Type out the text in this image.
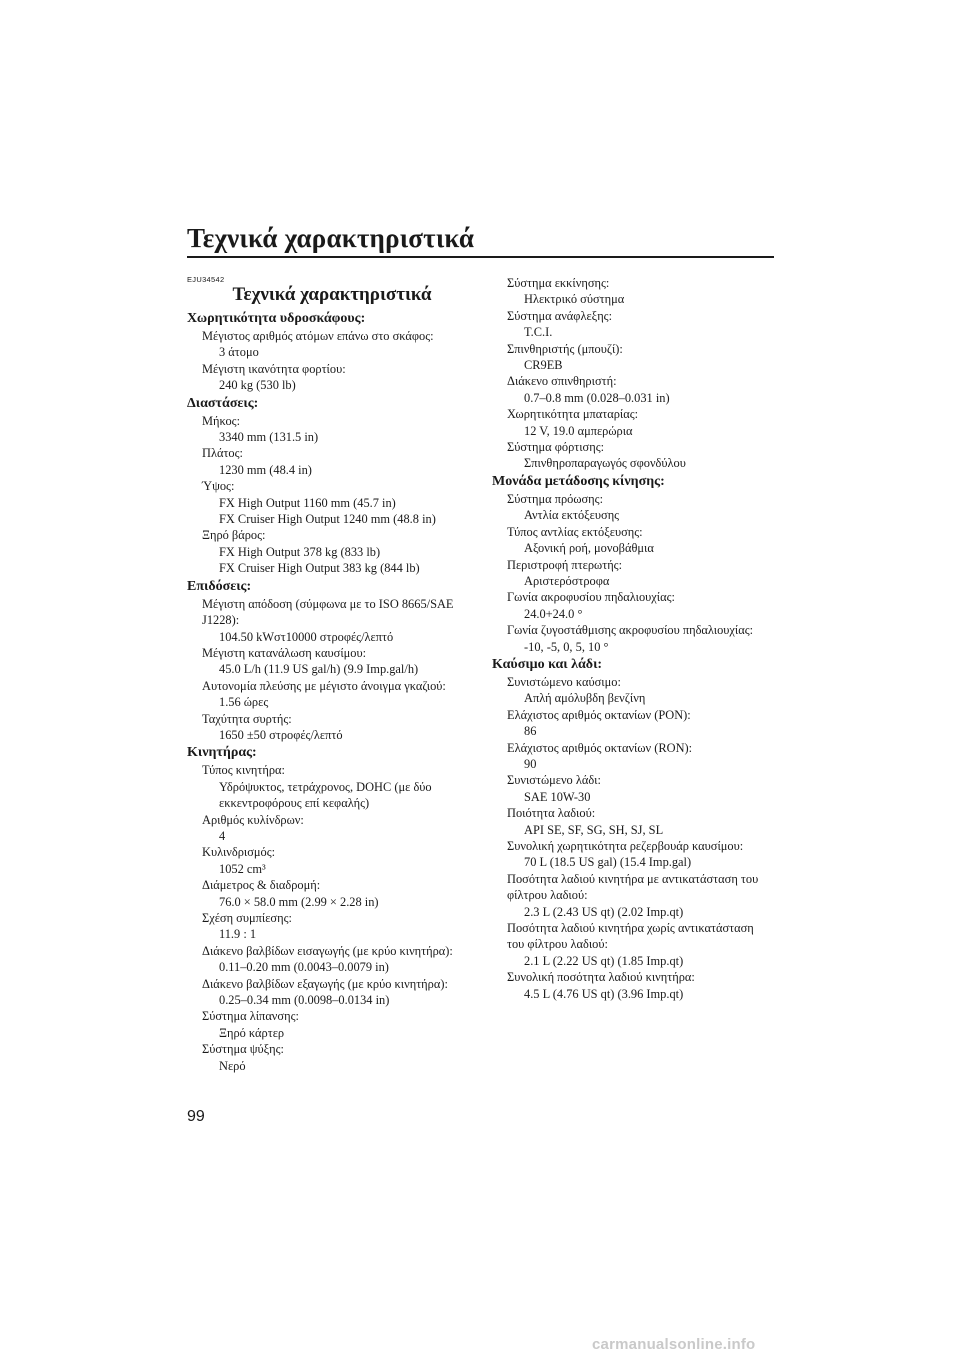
Τεχνικά χαρακτηριστικά
EJU34542
Τεχνικά χαρακτηριστικά
Χωρητικότητα υδροσκάφους:
Μέγιστος αριθμός ατόμων επάνω στο σκάφος:
3 άτομο
Μέγιστη ικανότητα φορτίου:
240 kg (530 lb)
Διαστάσεις:
Μήκος:
3340 mm (131.5 in)
Πλάτος:
1230 mm (48.4 in)
Ύψος:
FX High Output 1160 mm (45.7 in)
FX Cruiser High Output 1240 mm (48.8 in)
Ξηρό βάρος:
FX High Output 378 kg (833 lb)
FX Cruiser High Output 383 kg (844 lb)
Επιδόσεις:
Μέγιστη απόδοση (σύμφωνα με το ISO 8665/SAE
J1228):
104.50 kWστ10000 στροφές/λεπτό
Μέγιστη κατανάλωση καυσίμου:
45.0 L/h (11.9 US gal/h) (9.9 Imp.gal/h)
Αυτονομία πλεύσης με μέγιστο άνοιγμα γκαζιού:
1.56 ώρες
Ταχύτητα συρτής:
1650 ±50 στροφές/λεπτό
Κινητήρας:
Τύπος κινητήρα:
Υδρόψυκτος, τετράχρονος, DOHC (με δύο
εκκεντροφόρους επί κεφαλής)
Αριθμός κυλίνδρων:
4
Κυλινδρισμός:
1052 cm³
Διάμετρος & διαδρομή:
76.0 × 58.0 mm (2.99 × 2.28 in)
Σχέση συμπίεσης:
11.9 : 1
Διάκενο βαλβίδων εισαγωγής (με κρύο κινητήρα):
0.11–0.20 mm (0.0043–0.0079 in)
Διάκενο βαλβίδων εξαγωγής (με κρύο κινητήρα):
0.25–0.34 mm (0.0098–0.0134 in)
Σύστημα λίπανσης:
Ξηρό κάρτερ
Σύστημα ψύξης:
Νερό
Σύστημα εκκίνησης:
Ηλεκτρικό σύστημα
Σύστημα ανάφλεξης:
T.C.I.
Σπινθηριστής (μπουζί):
CR9EB
Διάκενο σπινθηριστή:
0.7–0.8 mm (0.028–0.031 in)
Χωρητικότητα μπαταρίας:
12 V, 19.0 αμπερώρια
Σύστημα φόρτισης:
Σπινθηροπαραγωγός σφονδύλου
Μονάδα μετάδοσης κίνησης:
Σύστημα πρόωσης:
Αντλία εκτόξευσης
Τύπος αντλίας εκτόξευσης:
Αξονική ροή, μονοβάθμια
Περιστροφή πτερωτής:
Αριστερόστροφα
Γωνία ακροφυσίου πηδαλιουχίας:
24.0+24.0 °
Γωνία ζυγοστάθμισης ακροφυσίου πηδαλιουχίας:
-10, -5, 0, 5, 10 °
Καύσιμο και λάδι:
Συνιστώμενο καύσιμο:
Απλή αμόλυβδη βενζίνη
Ελάχιστος αριθμός οκτανίων (PON):
86
Ελάχιστος αριθμός οκτανίων (RON):
90
Συνιστώμενο λάδι:
SAE 10W-30
Ποιότητα λαδιού:
API SE, SF, SG, SH, SJ, SL
Συνολική χωρητικότητα ρεζερβουάρ καυσίμου:
70 L (18.5 US gal) (15.4 Imp.gal)
Ποσότητα λαδιού κινητήρα με αντικατάσταση του
φίλτρου λαδιού:
2.3 L (2.43 US qt) (2.02 Imp.qt)
Ποσότητα λαδιού κινητήρα χωρίς αντικατάσταση
του φίλτρου λαδιού:
2.1 L (2.22 US qt) (1.85 Imp.qt)
Συνολική ποσότητα λαδιού κινητήρα:
4.5 L (4.76 US qt) (3.96 Imp.qt)
99
carmanualsonline.info
